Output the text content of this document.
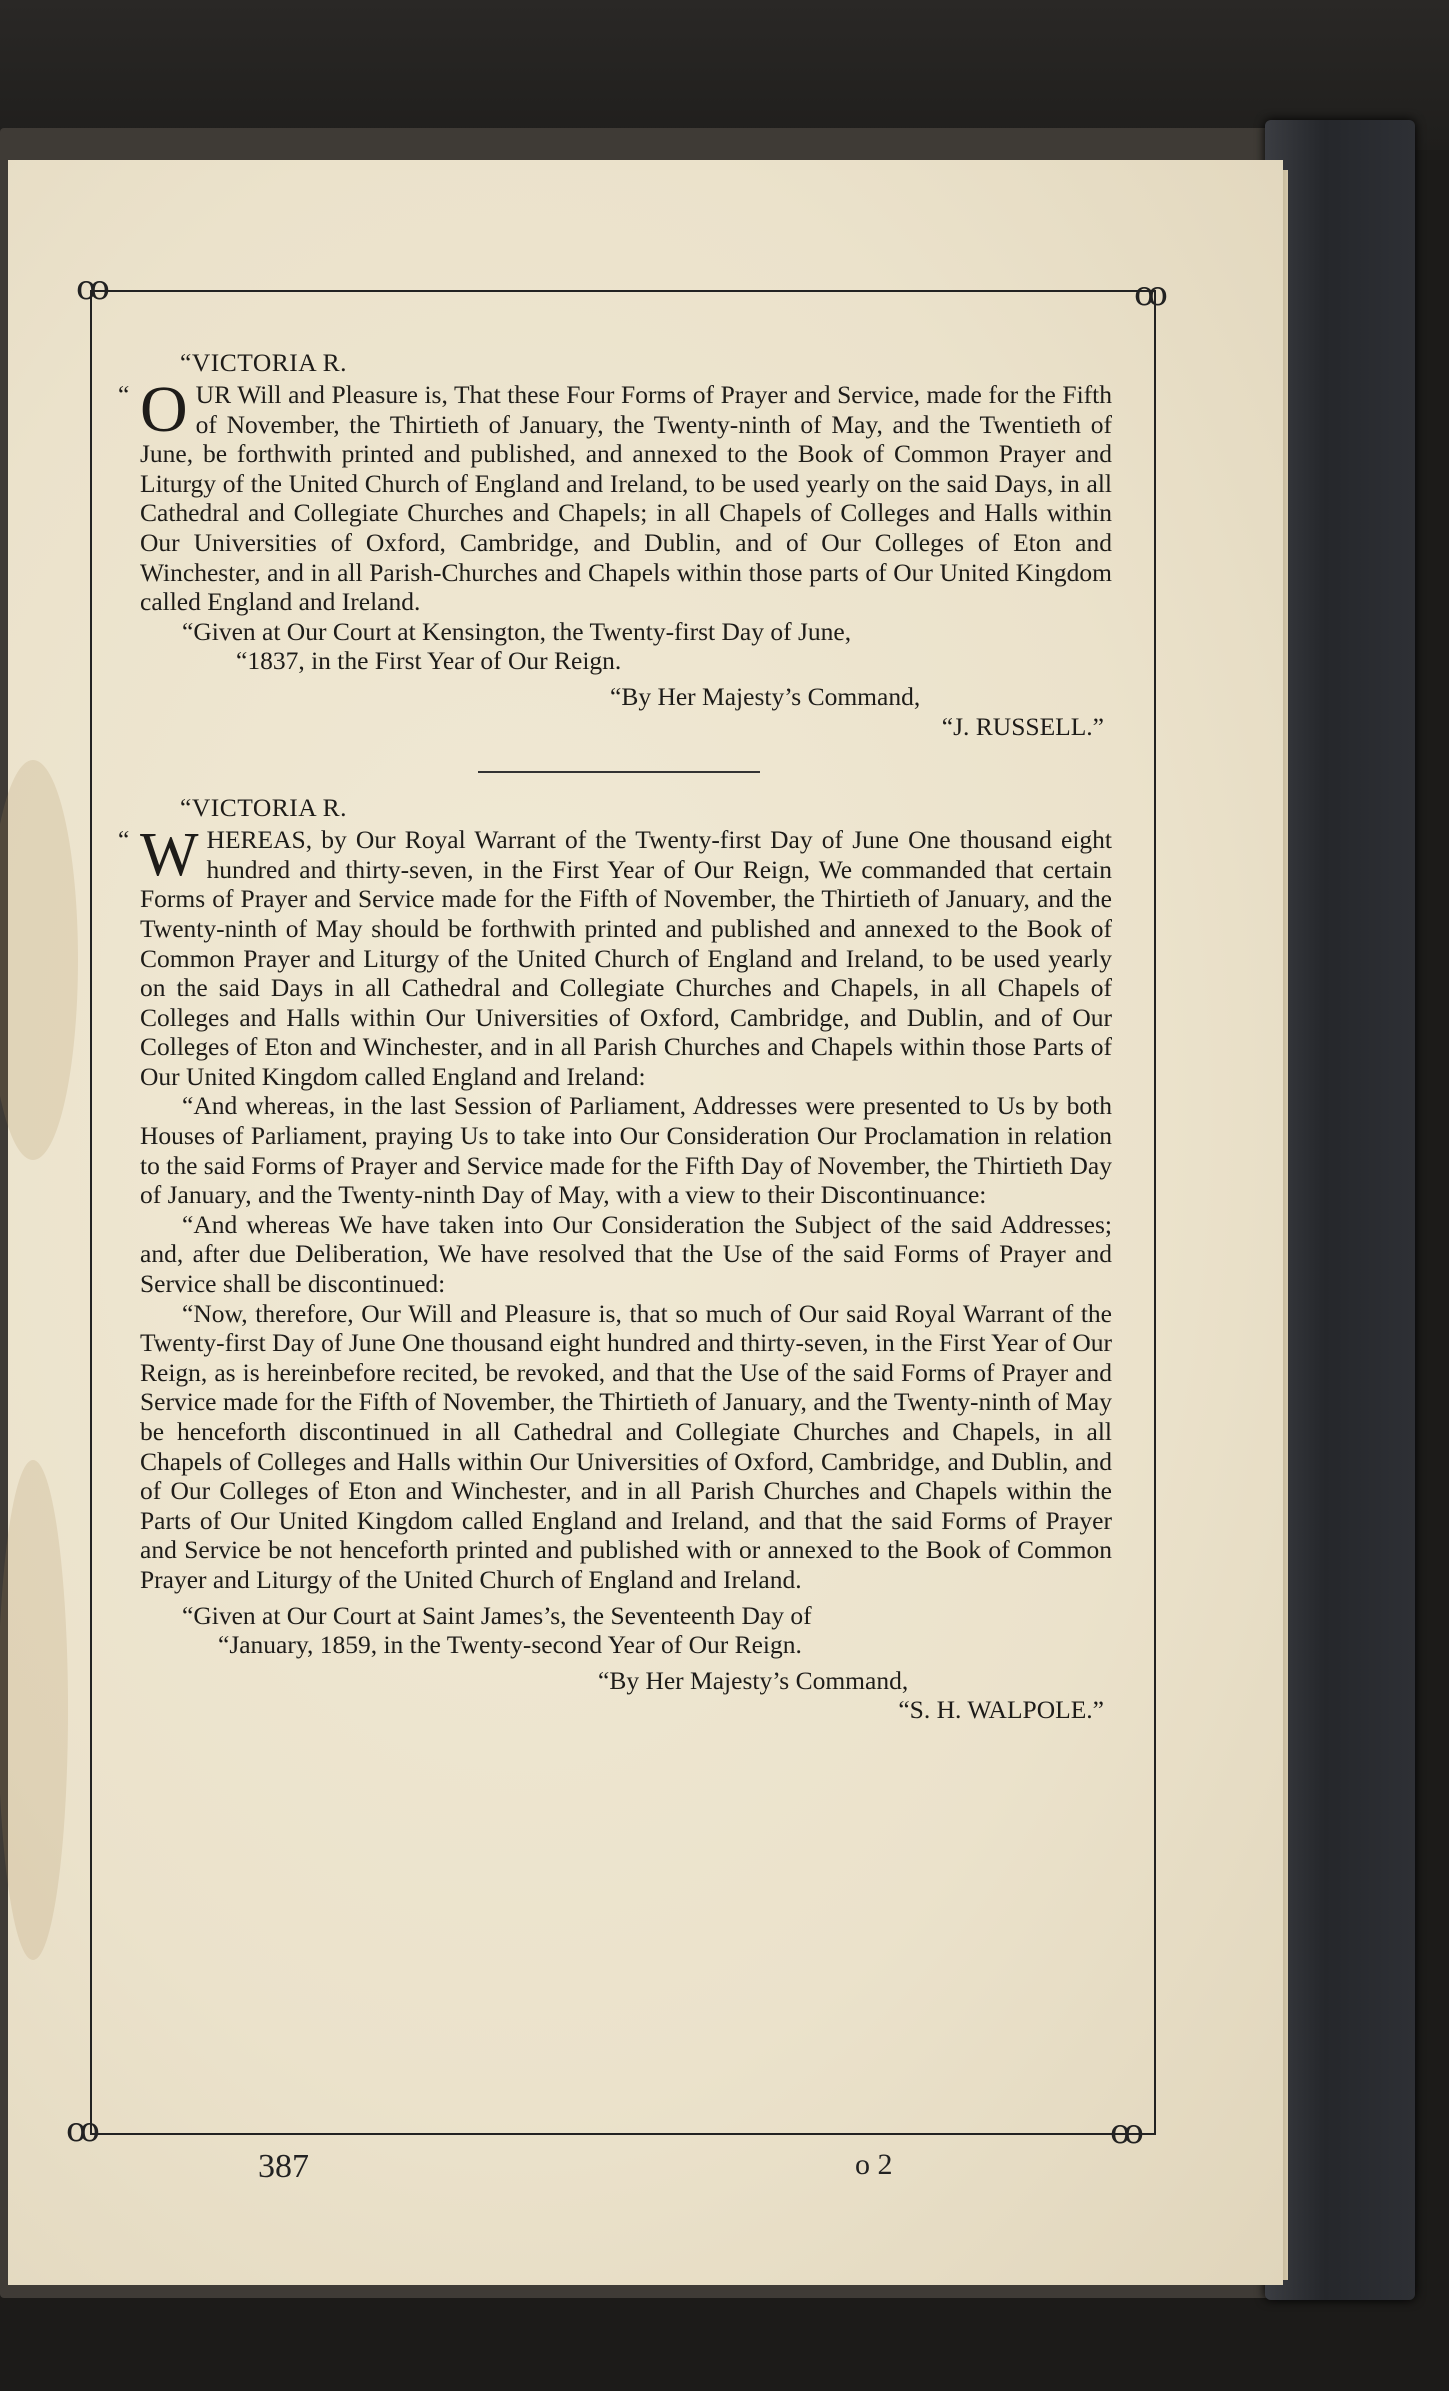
ꝏ	ꝏ
ꝏ	ꝏ
“VICTORIA R.
“ O UR Will and Pleasure is, That these Four Forms of Prayer and Service, made for the Fifth of November, the Thirtieth of January, the Twenty-ninth of May, and the Twentieth of June, be forthwith printed and published, and annexed to the Book of Common Prayer and Liturgy of the United Church of England and Ireland, to be used yearly on the said Days, in all Cathedral and Collegiate Churches and Chapels; in all Chapels of Colleges and Halls within Our Universities of Oxford, Cambridge, and Dublin, and of Our Colleges of Eton and Winchester, and in all Parish-Churches and Chapels within those parts of Our United Kingdom called England and Ireland.
“Given at Our Court at Kensington, the Twenty-first Day of June,
“1837, in the First Year of Our Reign.
“By Her Majesty’s Command,
“J. RUSSELL.”
“VICTORIA R.
“ W HEREAS, by Our Royal Warrant of the Twenty-first Day of June One thousand eight hundred and thirty-seven, in the First Year of Our Reign, We commanded that certain Forms of Prayer and Service made for the Fifth of November, the Thirtieth of January, and the Twenty-ninth of May should be forthwith printed and published and annexed to the Book of Common Prayer and Liturgy of the United Church of England and Ireland, to be used yearly on the said Days in all Cathedral and Collegiate Churches and Chapels, in all Chapels of Colleges and Halls within Our Universities of Oxford, Cambridge, and Dublin, and of Our Colleges of Eton and Winchester, and in all Parish Churches and Chapels within those Parts of Our United Kingdom called England and Ireland:
“And whereas, in the last Session of Parliament, Addresses were presented to Us by both Houses of Parliament, praying Us to take into Our Consideration Our Proclamation in relation to the said Forms of Prayer and Service made for the Fifth Day of November, the Thirtieth Day of January, and the Twenty-ninth Day of May, with a view to their Discontinuance:
“And whereas We have taken into Our Consideration the Subject of the said Addresses; and, after due Deliberation, We have resolved that the Use of the said Forms of Prayer and Service shall be discontinued:
“Now, therefore, Our Will and Pleasure is, that so much of Our said Royal Warrant of the Twenty-first Day of June One thousand eight hundred and thirty-seven, in the First Year of Our Reign, as is hereinbefore recited, be revoked, and that the Use of the said Forms of Prayer and Service made for the Fifth of November, the Thirtieth of January, and the Twenty-ninth of May be henceforth discontinued in all Cathedral and Collegiate Churches and Chapels, in all Chapels of Colleges and Halls within Our Universities of Oxford, Cambridge, and Dublin, and of Our Colleges of Eton and Winchester, and in all Parish Churches and Chapels within the Parts of Our United Kingdom called England and Ireland, and that the said Forms of Prayer and Service be not henceforth printed and published with or annexed to the Book of Common Prayer and Liturgy of the United Church of England and Ireland.
“Given at Our Court at Saint James’s, the Seventeenth Day of
“January, 1859, in the Twenty-second Year of Our Reign.
“By Her Majesty’s Command,
“S. H. WALPOLE.”
387	o 2
